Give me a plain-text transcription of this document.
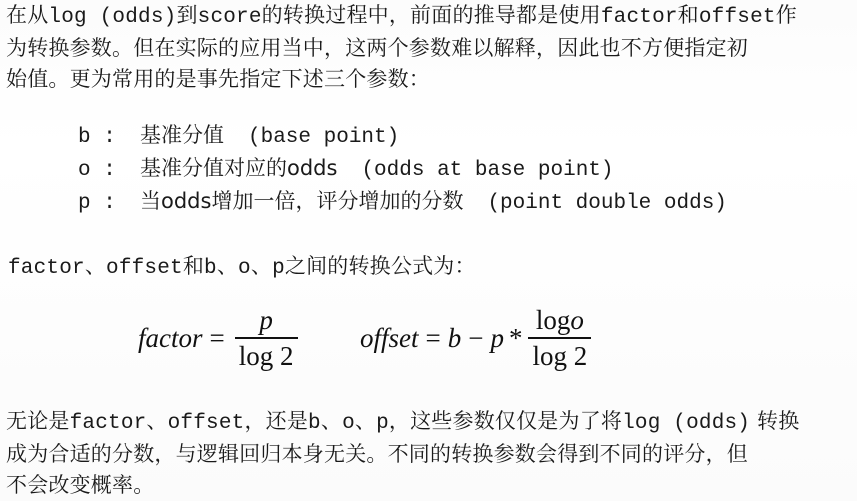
在从log (odds)到score的转换过程中，前面的推导都是使用factor和offset作
为转换参数。但在实际的应用当中，这两个参数难以解释，因此也不方便指定初
始值。更为常用的是事先指定下述三个参数：

b :	基准分值 (base point)
o :	基准分值对应的odds (odds at base point)
p :	当odds增加一倍，评分增加的分数 (point double odds)

factor、offset和b、o、p之间的转换公式为：

factor = $\frac{p}{\log 2}$ offset = $b - p * \frac{\log o}{\log 2}$

无论是factor、offset，还是b、o、p，这些参数仅仅是为了将log (odds) 转换
成为合适的分数，与逻辑回归本身无关。不同的转换参数会得到不同的评分，但
不会改变概率。
